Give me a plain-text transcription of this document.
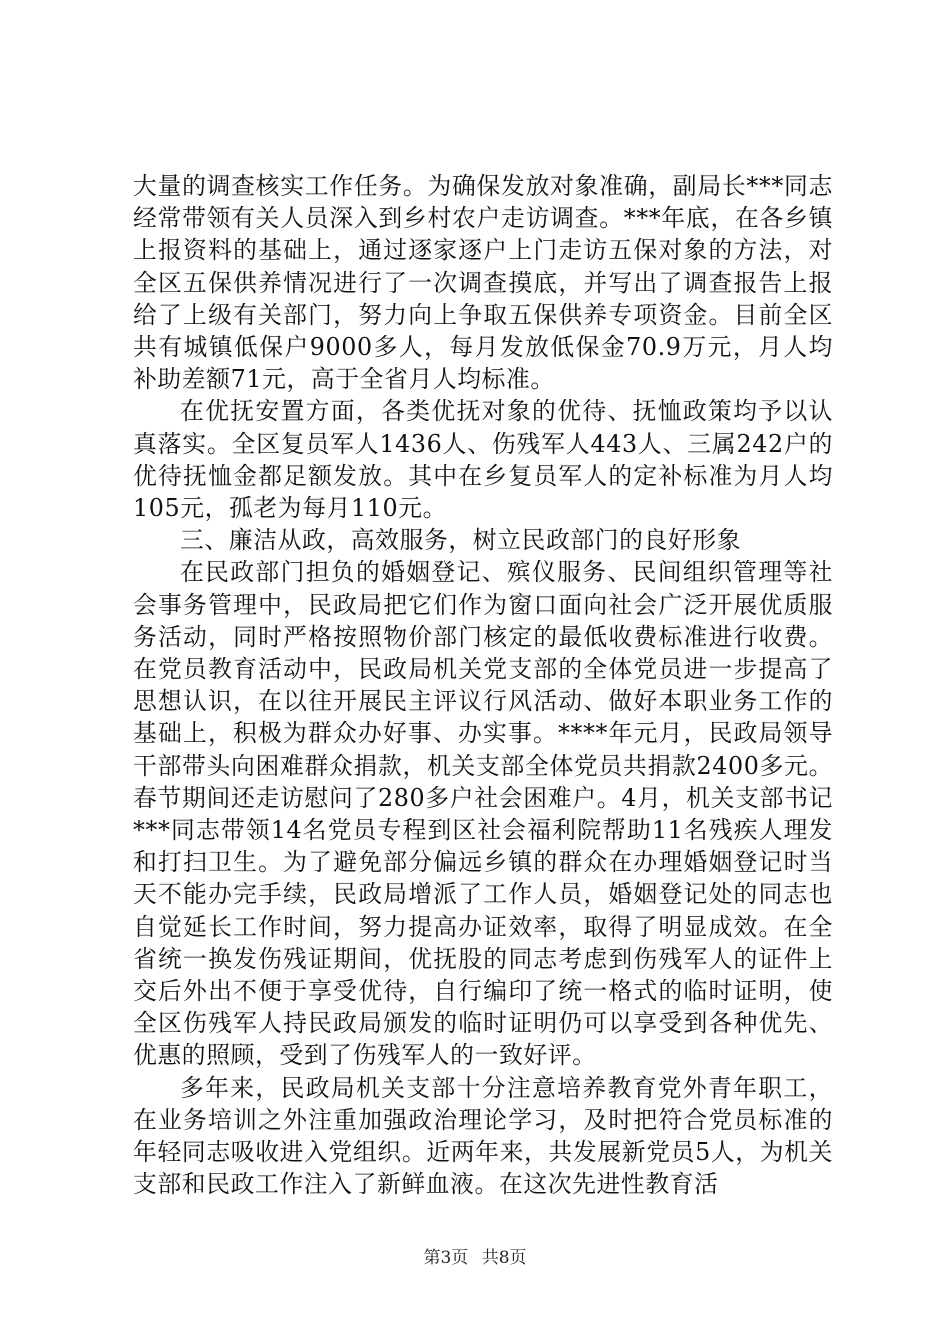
大量的调查核实工作任务。为确保发放对象准确，副局长***同志经常带领有关人员深入到乡村农户走访调查。***年底，在各乡镇上报资料的基础上，通过逐家逐户上门走访五保对象的方法，对全区五保供养情况进行了一次调查摸底，并写出了调查报告上报给了上级有关部门，努力向上争取五保供养专项资金。目前全区共有城镇低保户9000多人，每月发放低保金70.9万元，月人均补助差额71元，高于全省月人均标准。

在优抚安置方面，各类优抚对象的优待、抚恤政策均予以认真落实。全区复员军人1436人、伤残军人443人、三属242户的优待抚恤金都足额发放。其中在乡复员军人的定补标准为月人均105元，孤老为每月110元。

三、廉洁从政，高效服务，树立民政部门的良好形象

在民政部门担负的婚姻登记、殡仪服务、民间组织管理等社会事务管理中，民政局把它们作为窗口面向社会广泛开展优质服务活动，同时严格按照物价部门核定的最低收费标准进行收费。在党员教育活动中，民政局机关党支部的全体党员进一步提高了思想认识，在以往开展民主评议行风活动、做好本职业务工作的基础上，积极为群众办好事、办实事。****年元月，民政局领导干部带头向困难群众捐款，机关支部全体党员共捐款2400多元。春节期间还走访慰问了280多户社会困难户。4月，机关支部书记***同志带领14名党员专程到区社会福利院帮助11名残疾人理发和打扫卫生。为了避免部分偏远乡镇的群众在办理婚姻登记时当天不能办完手续，民政局增派了工作人员，婚姻登记处的同志也自觉延长工作时间，努力提高办证效率，取得了明显成效。在全省统一换发伤残证期间，优抚股的同志考虑到伤残军人的证件上交后外出不便于享受优待，自行编印了统一格式的临时证明，使全区伤残军人持民政局颁发的临时证明仍可以享受到各种优先、优惠的照顾，受到了伤残军人的一致好评。

多年来，民政局机关支部十分注意培养教育党外青年职工，在业务培训之外注重加强政治理论学习，及时把符合党员标准的年轻同志吸收进入党组织。近两年来，共发展新党员5人，为机关支部和民政工作注入了新鲜血液。在这次先进性教育活

第3页 共8页
